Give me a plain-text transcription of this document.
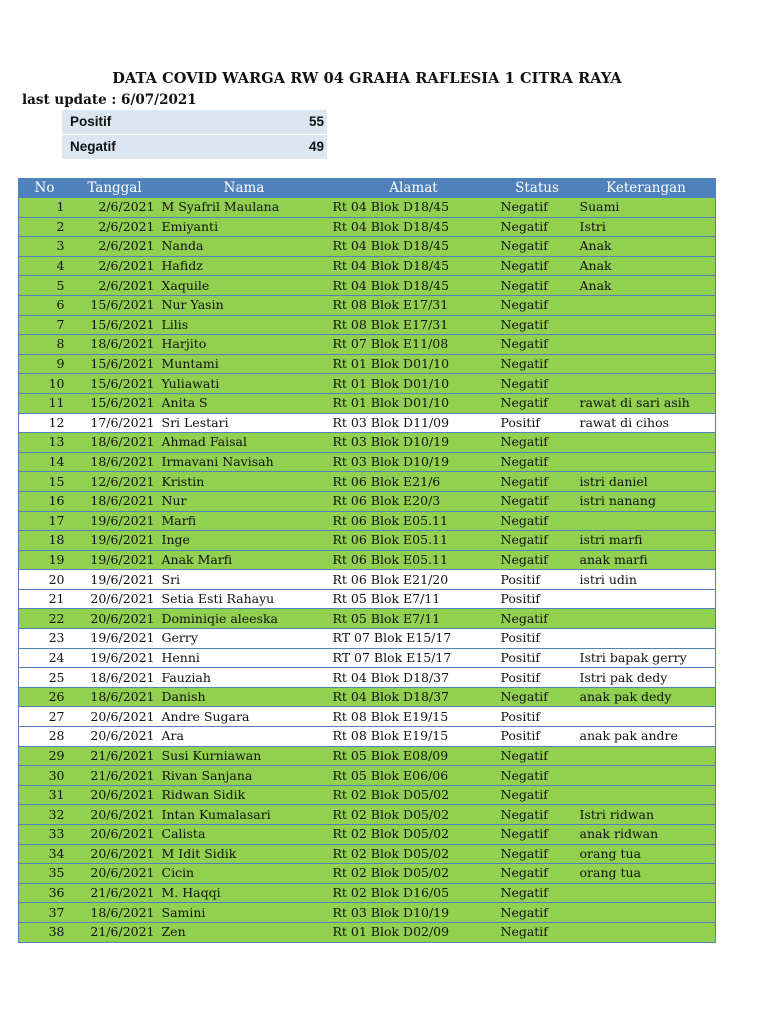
DATA COVID WARGA RW 04 GRAHA RAFLESIA 1 CITRA RAYA
last update : 6/07/2021
Positif	55
Negatif	49
No	Tanggal	Nama	Alamat	Status	Keterangan
1	2/6/2021	M Syafril Maulana	Rt 04 Blok D18/45	Negatif	Suami
2	2/6/2021	Emiyanti	Rt 04 Blok D18/45	Negatif	Istri
3	2/6/2021	Nanda	Rt 04 Blok D18/45	Negatif	Anak
4	2/6/2021	Hafidz	Rt 04 Blok D18/45	Negatif	Anak
5	2/6/2021	Xaquile	Rt 04 Blok D18/45	Negatif	Anak
6	15/6/2021	Nur Yasin	Rt 08 Blok E17/31	Negatif	
7	15/6/2021	Lilis	Rt 08 Blok E17/31	Negatif	
8	18/6/2021	Harjito	Rt 07 Blok E11/08	Negatif	
9	15/6/2021	Muntami	Rt 01 Blok D01/10	Negatif	
10	15/6/2021	Yuliawati	Rt 01 Blok D01/10	Negatif	
11	15/6/2021	Anita S	Rt 01 Blok D01/10	Negatif	rawat di sari asih
12	17/6/2021	Sri Lestari	Rt 03 Blok D11/09	Positif	rawat di cihos
13	18/6/2021	Ahmad Faisal	Rt 03 Blok D10/19	Negatif	
14	18/6/2021	Irmavani Navisah	Rt 03 Blok D10/19	Negatif	
15	12/6/2021	Kristin	Rt 06 Blok E21/6	Negatif	istri daniel
16	18/6/2021	Nur	Rt 06 Blok E20/3	Negatif	istri nanang
17	19/6/2021	Marfi	Rt 06 Blok E05.11	Negatif	
18	19/6/2021	Inge	Rt 06 Blok E05.11	Negatif	istri marfi
19	19/6/2021	Anak Marfi	Rt 06 Blok E05.11	Negatif	anak marfi
20	19/6/2021	Sri	Rt 06 Blok E21/20	Positif	istri udin
21	20/6/2021	Setia Esti Rahayu	Rt 05 Blok E7/11	Positif	
22	20/6/2021	Dominiqie aleeska	Rt 05 Blok E7/11	Negatif	
23	19/6/2021	Gerry	RT 07 Blok E15/17	Positif	
24	19/6/2021	Henni	RT 07 Blok E15/17	Positif	Istri bapak gerry
25	18/6/2021	Fauziah	Rt 04 Blok D18/37	Positif	Istri pak dedy
26	18/6/2021	Danish	Rt 04 Blok D18/37	Negatif	anak pak dedy
27	20/6/2021	Andre Sugara	Rt 08 Blok E19/15	Positif	
28	20/6/2021	Ara	Rt 08 Blok E19/15	Positif	anak pak andre
29	21/6/2021	Susi Kurniawan	Rt 05 Blok E08/09	Negatif	
30	21/6/2021	Rivan Sanjana	Rt 05 Blok E06/06	Negatif	
31	20/6/2021	Ridwan Sidik	Rt 02 Blok D05/02	Negatif	
32	20/6/2021	Intan Kumalasari	Rt 02 Blok D05/02	Negatif	Istri ridwan
33	20/6/2021	Calista	Rt 02 Blok D05/02	Negatif	anak ridwan
34	20/6/2021	M Idit Sidik	Rt 02 Blok D05/02	Negatif	orang tua
35	20/6/2021	Cicin	Rt 02 Blok D05/02	Negatif	orang tua
36	21/6/2021	M. Haqqi	Rt 02 Blok D16/05	Negatif	
37	18/6/2021	Samini	Rt 03 Blok D10/19	Negatif	
38	21/6/2021	Zen	Rt 01 Blok D02/09	Negatif	
